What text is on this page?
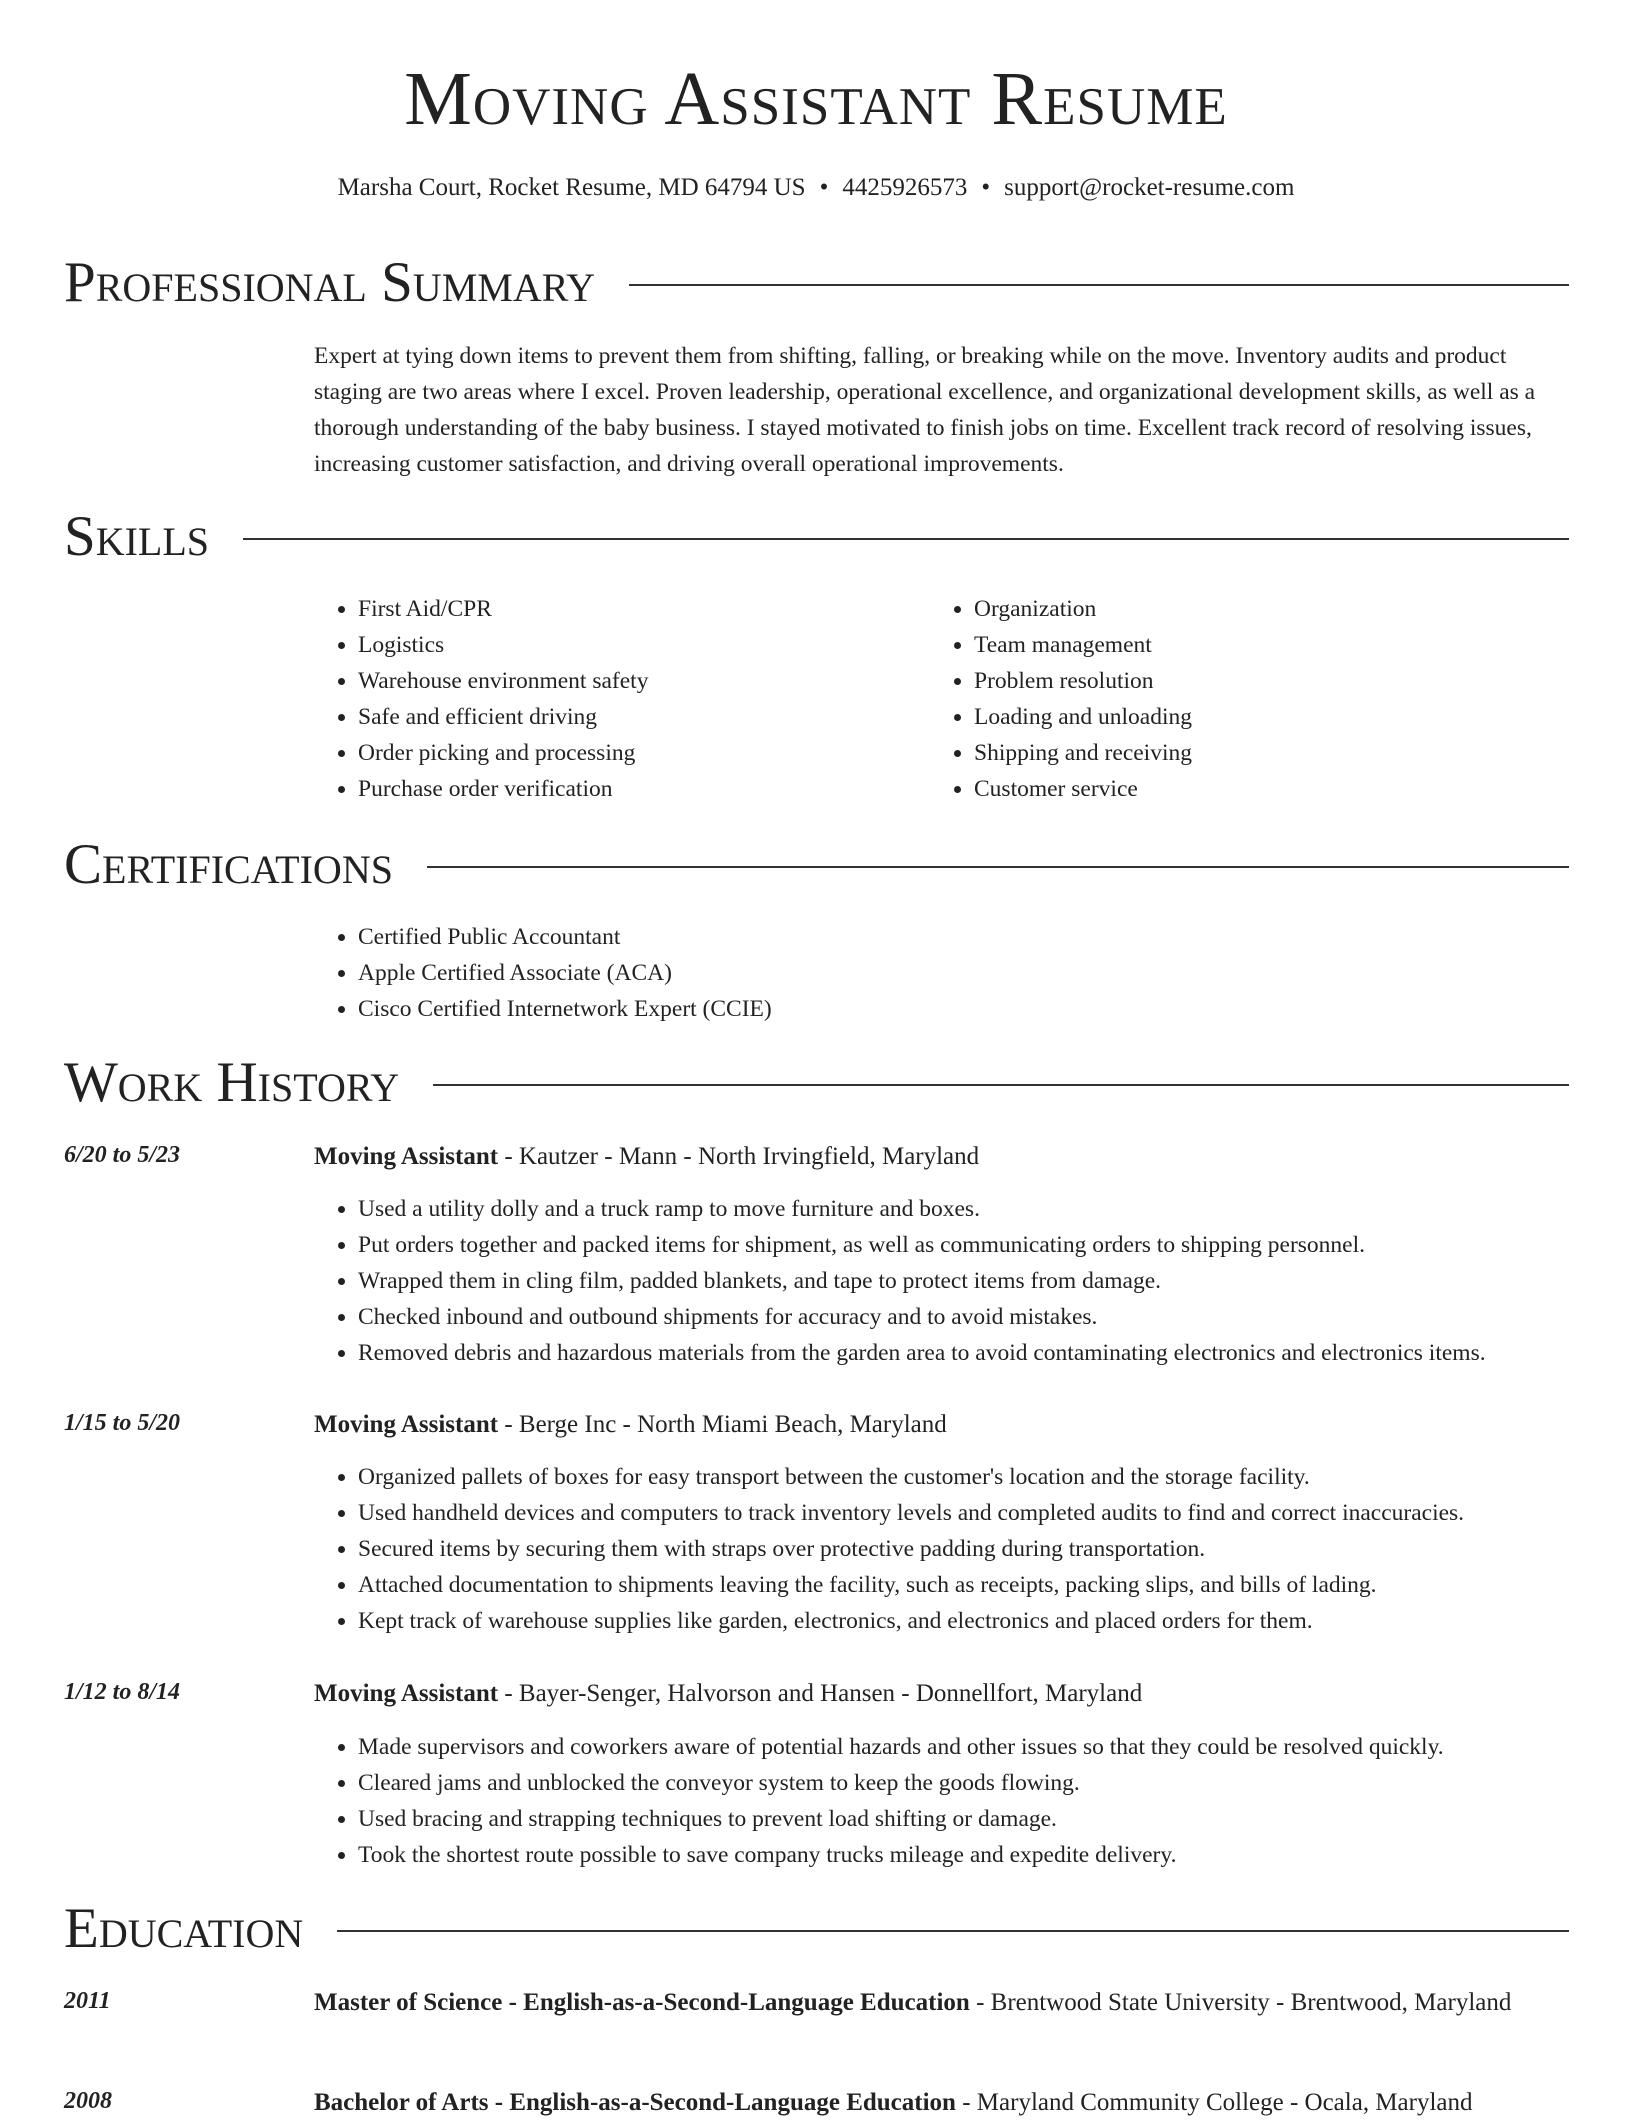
Moving Assistant Resume
Marsha Court, Rocket Resume, MD 64794 US • 4425926573 • support@rocket-resume.com
Professional Summary

Expert at tying down items to prevent them from shifting, falling, or breaking while on the move. Inventory audits and product staging are two areas where I excel. Proven leadership, operational excellence, and organizational development skills, as well as a thorough understanding of the baby business. I stayed motivated to finish jobs on time. Excellent track record of resolving issues, increasing customer satisfaction, and driving overall operational improvements.

Skills
• First Aid/CPR
• Logistics
• Warehouse environment safety
• Safe and efficient driving
• Order picking and processing
• Purchase order verification
• Organization
• Team management
• Problem resolution
• Loading and unloading
• Shipping and receiving
• Customer service
Certifications
• Certified Public Accountant
• Apple Certified Associate (ACA)
• Cisco Certified Internetwork Expert (CCIE)
Work History
6/20 to 5/23	Moving Assistant - Kautzer - Mann - North Irvingfield, Maryland
• Used a utility dolly and a truck ramp to move furniture and boxes.
• Put orders together and packed items for shipment, as well as communicating orders to shipping personnel.
• Wrapped them in cling film, padded blankets, and tape to protect items from damage.
• Checked inbound and outbound shipments for accuracy and to avoid mistakes.
• Removed debris and hazardous materials from the garden area to avoid contaminating electronics and electronics items.
1/15 to 5/20	Moving Assistant - Berge Inc - North Miami Beach, Maryland
• Organized pallets of boxes for easy transport between the customer's location and the storage facility.
• Used handheld devices and computers to track inventory levels and completed audits to find and correct inaccuracies.
• Secured items by securing them with straps over protective padding during transportation.
• Attached documentation to shipments leaving the facility, such as receipts, packing slips, and bills of lading.
• Kept track of warehouse supplies like garden, electronics, and electronics and placed orders for them.
1/12 to 8/14	Moving Assistant - Bayer-Senger, Halvorson and Hansen - Donnellfort, Maryland
• Made supervisors and coworkers aware of potential hazards and other issues so that they could be resolved quickly.
• Cleared jams and unblocked the conveyor system to keep the goods flowing.
• Used bracing and strapping techniques to prevent load shifting or damage.
• Took the shortest route possible to save company trucks mileage and expedite delivery.
Education
2011	Master of Science - English-as-a-Second-Language Education - Brentwood State University - Brentwood, Maryland
2008	Bachelor of Arts - English-as-a-Second-Language Education - Maryland Community College - Ocala, Maryland
